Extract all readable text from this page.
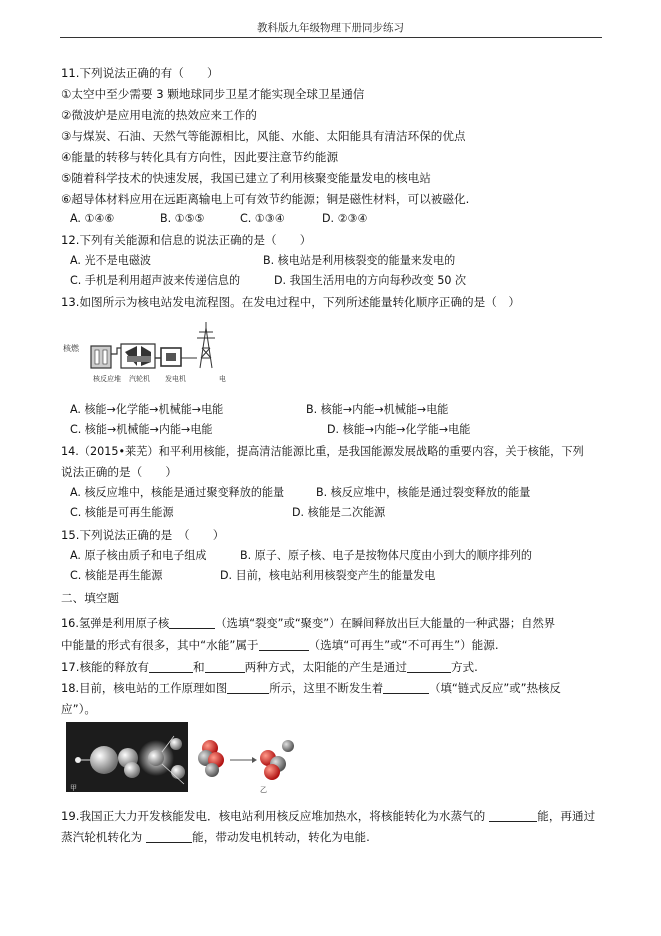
教科版九年级物理下册同步练习
11.下列说法正确的有（　　）
①太空中至少需要 3 颗地球同步卫星才能实现全球卫星通信
②微波炉是应用电流的热效应来工作的
③与煤炭、石油、天然气等能源相比，风能、水能、太阳能具有清洁环保的优点
④能量的转移与转化具有方向性，因此要注意节约能源
⑤随着科学技术的快速发展，我国已建立了利用核聚变能量发电的核电站
⑥超导体材料应用在远距离输电上可有效节约能源；铜是磁性材料，可以被磁化.
A. ①④⑥	B. ①⑤⑤	C. ①③④	D. ②③④
12.下列有关能源和信息的说法正确的是（　　）
A. 光不是电磁波	B. 核电站是利用核裂变的能量来发电的
C. 手机是利用超声波来传递信息的	D. 我国生活用电的方向每秒改变 50 次
13.如图所示为核电站发电流程图。在发电过程中，下列所述能量转化顺序正确的是（　）
核燃
核反应堆 汽轮机 发电机	电
A. 核能→化学能→机械能→电能	B. 核能→内能→机械能→电能
C. 核能→机械能→内能→电能	D. 核能→内能→化学能→电能
14.（2015•莱芜）和平利用核能，提高清洁能源比重，是我国能源发展战略的重要内容，关于核能，下列
说法正确的是（　　）
A. 核反应堆中，核能是通过聚变释放的能量	B. 核反应堆中，核能是通过裂变释放的能量
C. 核能是可再生能源	D. 核能是二次能源
15.下列说法正确的是　（　　）
A. 原子核由质子和电子组成	B. 原子、原子核、电子是按物体尺度由小到大的顺序排列的
C. 核能是再生能源	D. 目前，核电站利用核裂变产生的能量发电
二、填空题
16.氢弹是利用原子核	（选填“裂变”或“聚变”）在瞬间释放出巨大能量的一种武器；自然界
中能量的形式有很多，其中“水能”属于	（选填“可再生”或“不可再生”）能源.
17.核能的释放有	和	两种方式，太阳能的产生是通过	方式.
18.目前，核电站的工作原理如图	所示，这里不断发生着	（填“链式反应”或”热核反
应”）。
甲	乙
19.我国正大力开发核能发电．核电站利用核反应堆加热水，将核能转化为水蒸气的	能，再通过
蒸汽轮机转化为	能，带动发电机转动，转化为电能.
